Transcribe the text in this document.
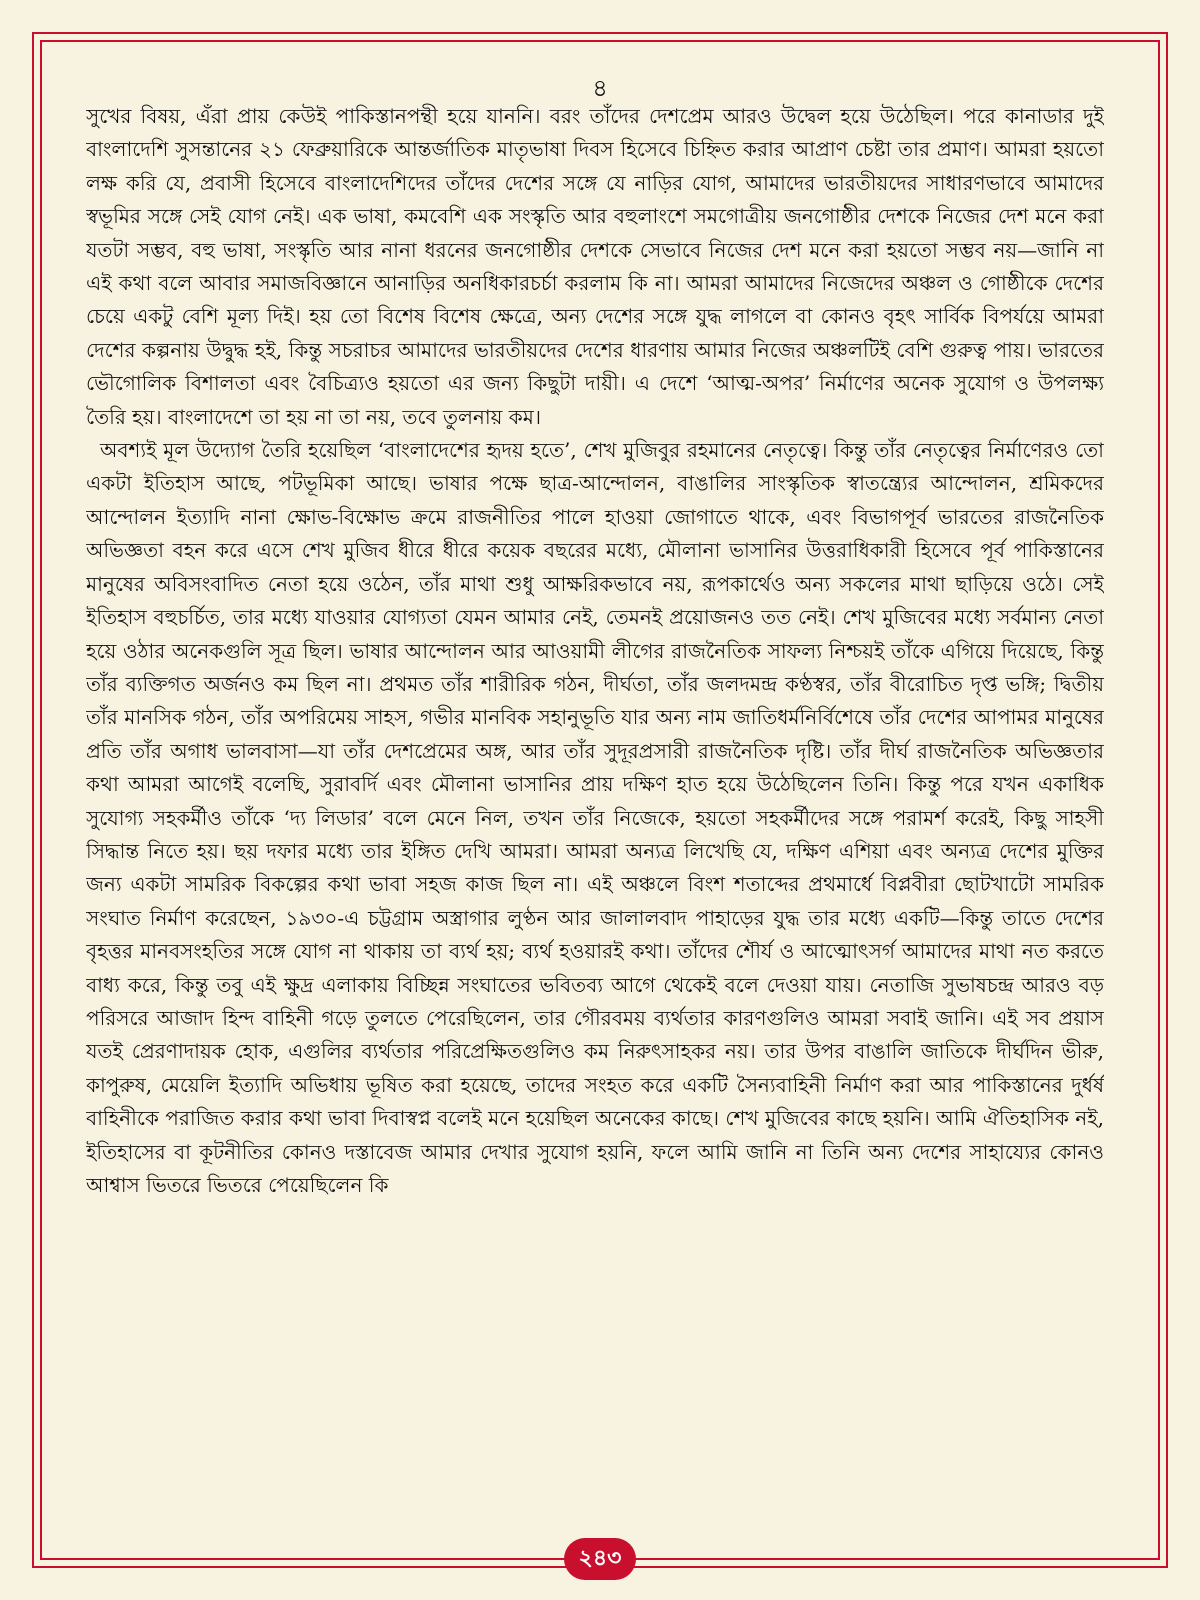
৪

সুখের বিষয়, এঁরা প্রায় কেউই পাকিস্তানপন্থী হয়ে যাননি। বরং তাঁদের দেশপ্রেম আরও উদ্বেল হয়ে উঠেছিল। পরে কানাডার দুই বাংলাদেশি সুসন্তানের ২১ ফেব্রুয়ারিকে আন্তর্জাতিক মাতৃভাষা দিবস হিসেবে চিহ্নিত করার আপ্রাণ চেষ্টা তার প্রমাণ। আমরা হয়তো লক্ষ করি যে, প্রবাসী হিসেবে বাংলাদেশিদের তাঁদের দেশের সঙ্গে যে নাড়ির যোগ, আমাদের ভারতীয়দের সাধারণভাবে আমাদের স্বভূমির সঙ্গে সেই যোগ নেই। এক ভাষা, কমবেশি এক সংস্কৃতি আর বহুলাংশে সমগোত্রীয় জনগোষ্ঠীর দেশকে নিজের দেশ মনে করা যতটা সম্ভব, বহু ভাষা, সংস্কৃতি আর নানা ধরনের জনগোষ্ঠীর দেশকে সেভাবে নিজের দেশ মনে করা হয়তো সম্ভব নয়—জানি না এই কথা বলে আবার সমাজবিজ্ঞানে আনাড়ির অনধিকারচর্চা করলাম কি না। আমরা আমাদের নিজেদের অঞ্চল ও গোষ্ঠীকে দেশের চেয়ে একটু বেশি মূল্য দিই। হয় তো বিশেষ বিশেষ ক্ষেত্রে, অন্য দেশের সঙ্গে যুদ্ধ লাগলে বা কোনও বৃহৎ সার্বিক বিপর্যয়ে আমরা দেশের কল্পনায় উদ্বুদ্ধ হই, কিন্তু সচরাচর আমাদের ভারতীয়দের দেশের ধারণায় আমার নিজের অঞ্চলটিই বেশি গুরুত্ব পায়। ভারতের ভৌগোলিক বিশালতা এবং বৈচিত্র্যও হয়তো এর জন্য কিছুটা দায়ী। এ দেশে ‘আত্ম-অপর’ নির্মাণের অনেক সুযোগ ও উপলক্ষ্য তৈরি হয়। বাংলাদেশে তা হয় না তা নয়, তবে তুলনায় কম।

অবশ্যই মূল উদ্যোগ তৈরি হয়েছিল ‘বাংলাদেশের হৃদয় হতে’, শেখ মুজিবুর রহমানের নেতৃত্বে। কিন্তু তাঁর নেতৃত্বের নির্মাণেরও তো একটা ইতিহাস আছে, পটভূমিকা আছে। ভাষার পক্ষে ছাত্র-আন্দোলন, বাঙালির সাংস্কৃতিক স্বাতন্ত্র্যের আন্দোলন, শ্রমিকদের আন্দোলন ইত্যাদি নানা ক্ষোভ-বিক্ষোভ ক্রমে রাজনীতির পালে হাওয়া জোগাতে থাকে, এবং বিভাগপূর্ব ভারতের রাজনৈতিক অভিজ্ঞতা বহন করে এসে শেখ মুজিব ধীরে ধীরে কয়েক বছরের মধ্যে, মৌলানা ভাসানির উত্তরাধিকারী হিসেবে পূর্ব পাকিস্তানের মানুষের অবিসংবাদিত নেতা হয়ে ওঠেন, তাঁর মাথা শুধু আক্ষরিকভাবে নয়, রূপকার্থেও অন্য সকলের মাথা ছাড়িয়ে ওঠে। সেই ইতিহাস বহুচর্চিত, তার মধ্যে যাওয়ার যোগ্যতা যেমন আমার নেই, তেমনই প্রয়োজনও তত নেই। শেখ মুজিবের মধ্যে সর্বমান্য নেতা হয়ে ওঠার অনেকগুলি সূত্র ছিল। ভাষার আন্দোলন আর আওয়ামী লীগের রাজনৈতিক সাফল্য নিশ্চয়ই তাঁকে এগিয়ে দিয়েছে, কিন্তু তাঁর ব্যক্তিগত অর্জনও কম ছিল না। প্রথমত তাঁর শারীরিক গঠন, দীর্ঘতা, তাঁর জলদমন্দ্র কণ্ঠস্বর, তাঁর বীরোচিত দৃপ্ত ভঙ্গি; দ্বিতীয় তাঁর মানসিক গঠন, তাঁর অপরিমেয় সাহস, গভীর মানবিক সহানুভূতি যার অন্য নাম জাতিধর্মনির্বিশেষে তাঁর দেশের আপামর মানুষের প্রতি তাঁর অগাধ ভালবাসা—যা তাঁর দেশপ্রেমের অঙ্গ, আর তাঁর সুদূরপ্রসারী রাজনৈতিক দৃষ্টি। তাঁর দীর্ঘ রাজনৈতিক অভিজ্ঞতার কথা আমরা আগেই বলেছি, সুরাবর্দি এবং মৌলানা ভাসানির প্রায় দক্ষিণ হাত হয়ে উঠেছিলেন তিনি। কিন্তু পরে যখন একাধিক সুযোগ্য সহকর্মীও তাঁকে ‘দ্য লিডার’ বলে মেনে নিল, তখন তাঁর নিজেকে, হয়তো সহকর্মীদের সঙ্গে পরামর্শ করেই, কিছু সাহসী সিদ্ধান্ত নিতে হয়। ছয় দফার মধ্যে তার ইঙ্গিত দেখি আমরা। আমরা অন্যত্র লিখেছি যে, দক্ষিণ এশিয়া এবং অন্যত্র দেশের মুক্তির জন্য একটা সামরিক বিকল্পের কথা ভাবা সহজ কাজ ছিল না। এই অঞ্চলে বিংশ শতাব্দের প্রথমার্ধে বিপ্লবীরা ছোটখাটো সামরিক সংঘাত নির্মাণ করেছেন, ১৯৩০-এ চট্টগ্রাম অস্ত্রাগার লুণ্ঠন আর জালালবাদ পাহাড়ের যুদ্ধ তার মধ্যে একটি—কিন্তু তাতে দেশের বৃহত্তর মানবসংহতির সঙ্গে যোগ না থাকায় তা ব্যর্থ হয়; ব্যর্থ হওয়ারই কথা। তাঁদের শৌর্য ও আত্মোৎসর্গ আমাদের মাথা নত করতে বাধ্য করে, কিন্তু তবু এই ক্ষুদ্র এলাকায় বিচ্ছিন্ন সংঘাতের ভবিতব্য আগে থেকেই বলে দেওয়া যায়। নেতাজি সুভাষচন্দ্র আরও বড় পরিসরে আজাদ হিন্দ বাহিনী গড়ে তুলতে পেরেছিলেন, তার গৌরবময় ব্যর্থতার কারণগুলিও আমরা সবাই জানি। এই সব প্রয়াস যতই প্রেরণাদায়ক হোক, এগুলির ব্যর্থতার পরিপ্রেক্ষিতগুলিও কম নিরুৎসাহকর নয়। তার উপর বাঙালি জাতিকে দীর্ঘদিন ভীরু, কাপুরুষ, মেয়েলি ইত্যাদি অভিধায় ভূষিত করা হয়েছে, তাদের সংহত করে একটি সৈন্যবাহিনী নির্মাণ করা আর পাকিস্তানের দুর্ধর্ষ বাহিনীকে পরাজিত করার কথা ভাবা দিবাস্বপ্ন বলেই মনে হয়েছিল অনেকের কাছে। শেখ মুজিবের কাছে হয়নি। আমি ঐতিহাসিক নই, ইতিহাসের বা কূটনীতির কোনও দস্তাবেজ আমার দেখার সুযোগ হয়নি, ফলে আমি জানি না তিনি অন্য দেশের সাহায্যের কোনও আশ্বাস ভিতরে ভিতরে পেয়েছিলেন কি

২৪৩
